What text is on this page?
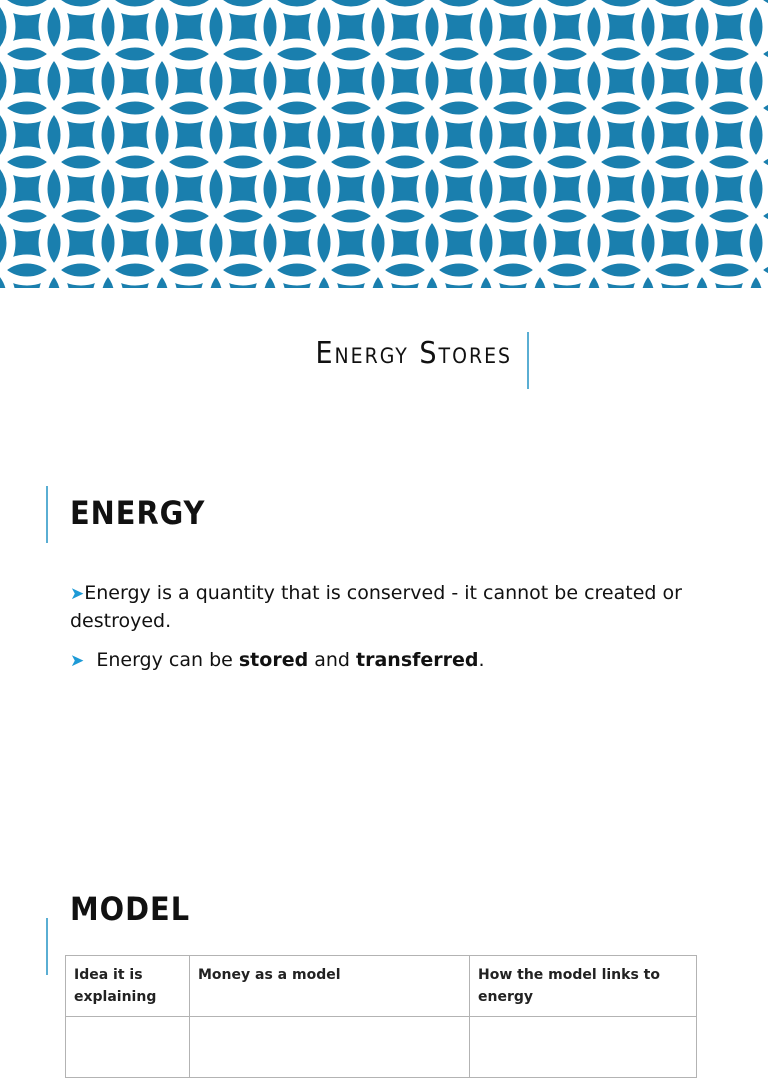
Energy Stores
ENERGY
➤Energy is a quantity that is conserved - it cannot be created or destroyed.
➤ Energy can be stored and transferred.
MODEL
Idea it is explaining	Money as a model	How the model links to energy
